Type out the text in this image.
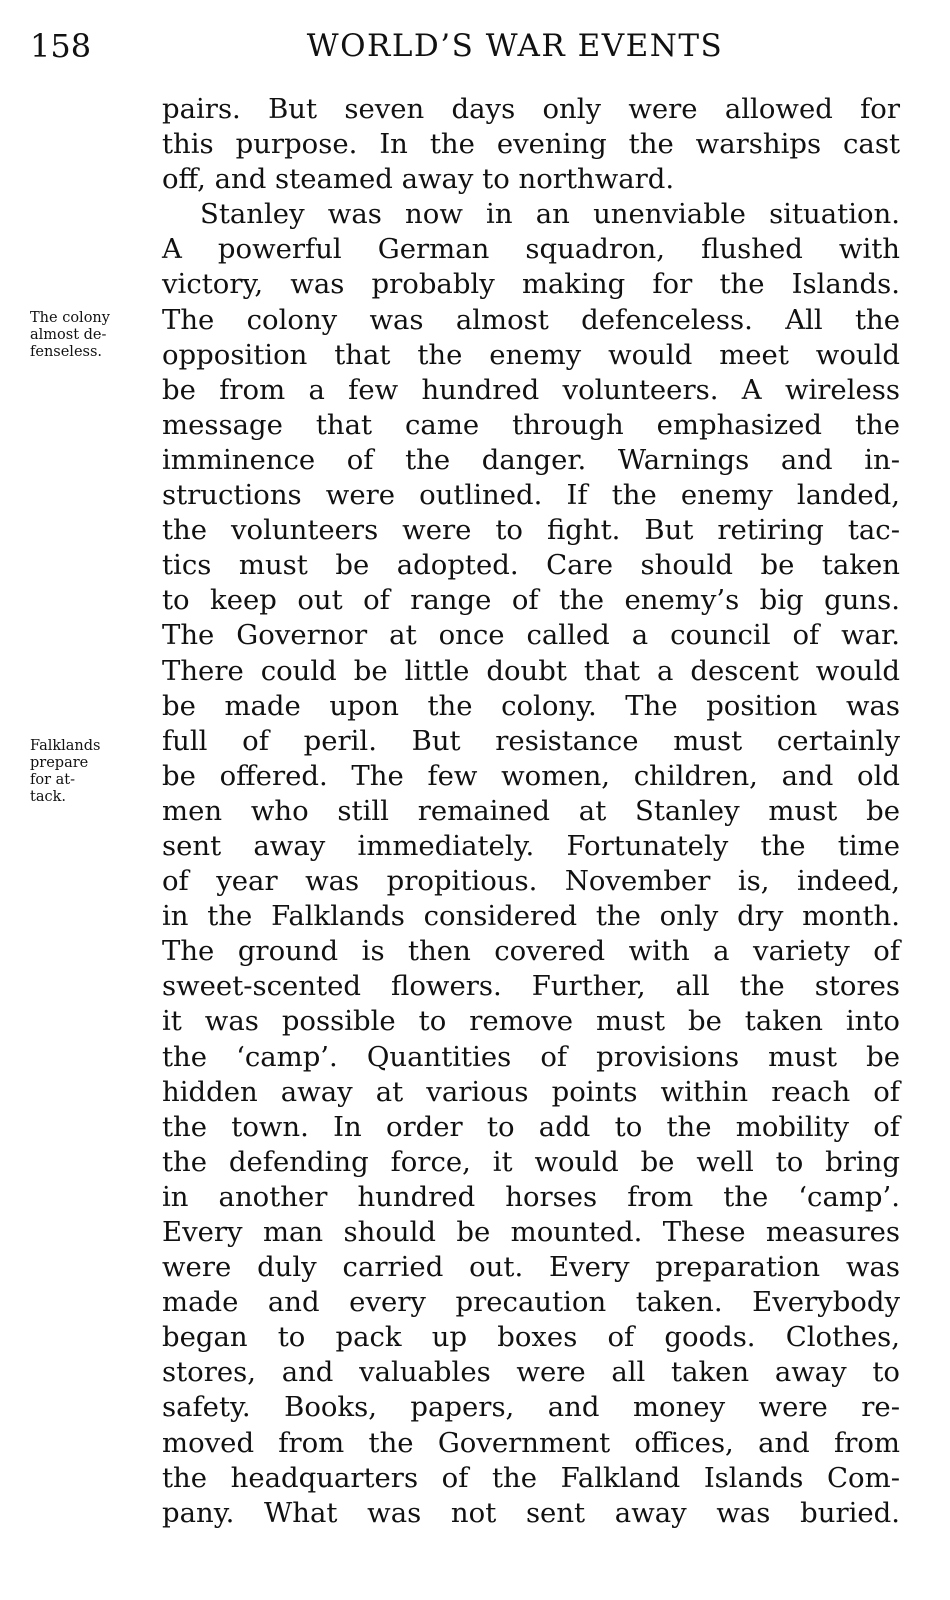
158	WORLD’S WAR EVENTS
The colony
almost de-
fenseless.
Falklands
prepare
for at-
tack.
pairs. But seven days only were allowed for
this purpose. In the evening the warships cast
off, and steamed away to northward.
Stanley was now in an unenviable situation.
A powerful German squadron, flushed with
victory, was probably making for the Islands.
The colony was almost defenceless. All the
opposition that the enemy would meet would
be from a few hundred volunteers. A wireless
message that came through emphasized the
imminence of the danger. Warnings and in-
structions were outlined. If the enemy landed,
the volunteers were to fight. But retiring tac-
tics must be adopted. Care should be taken
to keep out of range of the enemy’s big guns.
The Governor at once called a council of war.
There could be little doubt that a descent would
be made upon the colony. The position was
full of peril. But resistance must certainly
be offered. The few women, children, and old
men who still remained at Stanley must be
sent away immediately. Fortunately the time
of year was propitious. November is, indeed,
in the Falklands considered the only dry month.
The ground is then covered with a variety of
sweet-scented flowers. Further, all the stores
it was possible to remove must be taken into
the ‘camp’. Quantities of provisions must be
hidden away at various points within reach of
the town. In order to add to the mobility of
the defending force, it would be well to bring
in another hundred horses from the ‘camp’.
Every man should be mounted. These measures
were duly carried out. Every preparation was
made and every precaution taken. Everybody
began to pack up boxes of goods. Clothes,
stores, and valuables were all taken away to
safety. Books, papers, and money were re-
moved from the Government offices, and from
the headquarters of the Falkland Islands Com-
pany. What was not sent away was buried.
